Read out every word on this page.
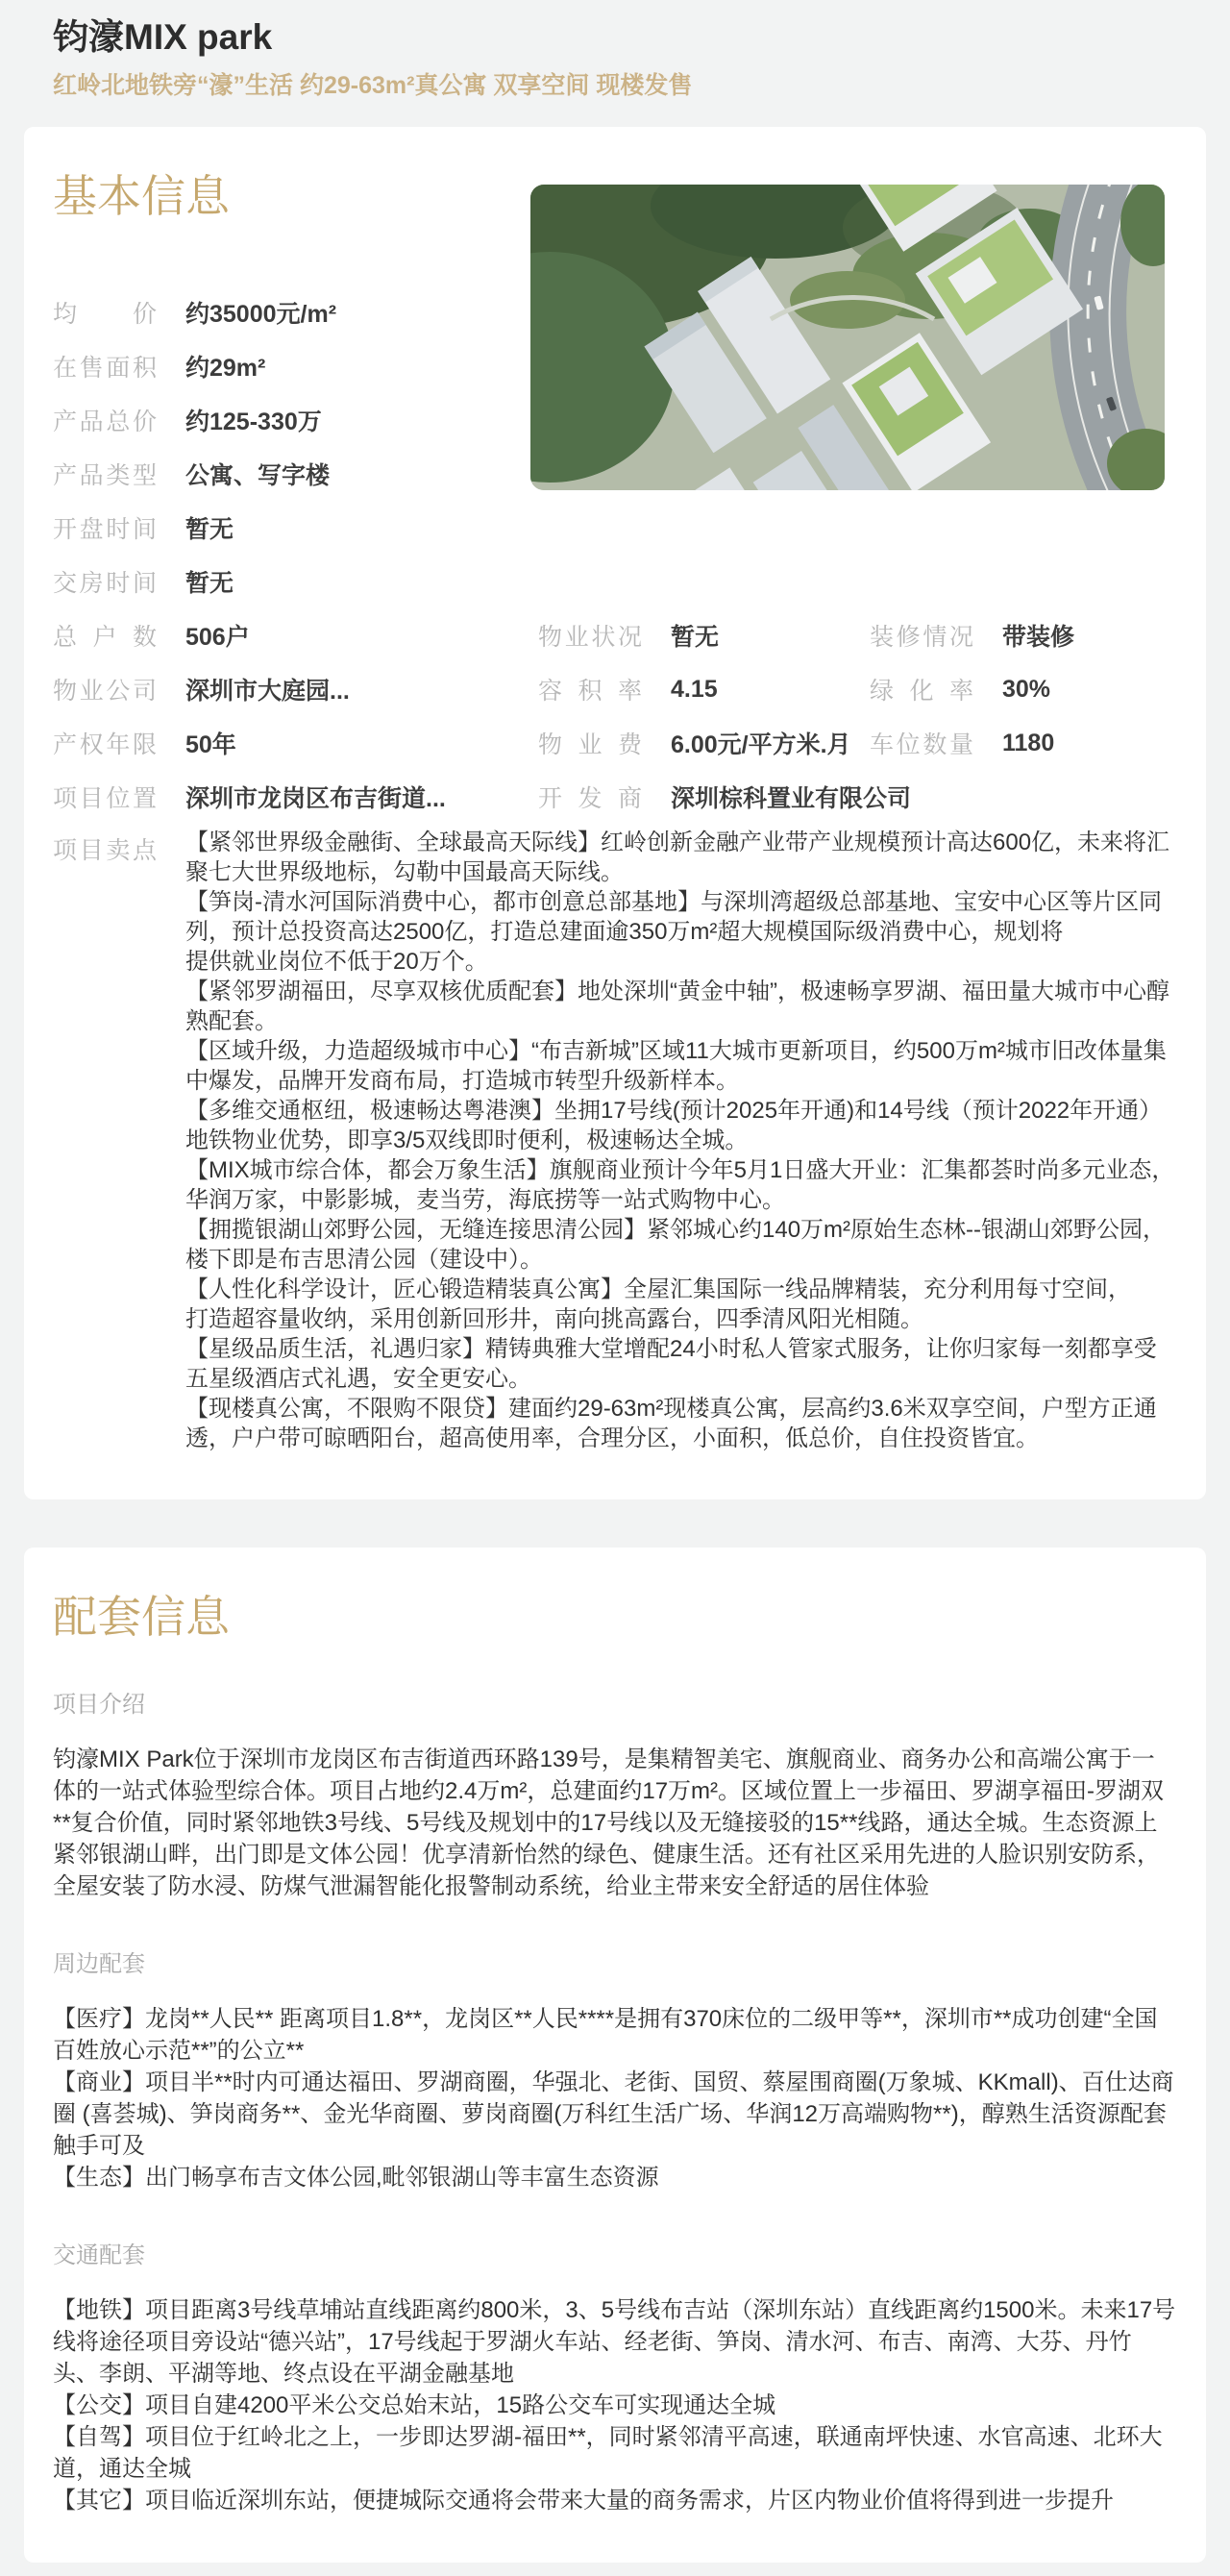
钧濠MIX park
红岭北地铁旁“濠”生活 约29-63m²真公寓 双享空间 现楼发售
基本信息
均价 约35000元/m²
在售面积 约29m²
产品总价 约125-330万
产品类型 公寓、写字楼
开盘时间 暂无
交房时间 暂无
总户数 506户
物业公司 深圳市大庭园...
产权年限 50年
项目位置 深圳市龙岗区布吉街道...
物业状况 暂无	装修情况 带装修
容积率 4.15	绿化率 30%
物业费 6.00元/平方米.月 车位数量 1180
开发商 深圳棕科置业有限公司
项目卖点 【紧邻世界级金融街、全球最高天际线】红岭创新金融产业带产业规模预计高达600亿，未来将汇聚七大世界级地标，勾勒中国最高天际线。
【笋岗-清水河国际消费中心，都市创意总部基地】与深圳湾超级总部基地、宝安中心区等片区同列，预计总投资高达2500亿，打造总建面逾350万m²超大规模国际级消费中心，规划将
提供就业岗位不低于20万个。
【紧邻罗湖福田，尽享双核优质配套】地处深圳“黄金中轴”，极速畅享罗湖、福田量大城市中心醇熟配套。
【区域升级，力造超级城市中心】“布吉新城”区域11大城市更新项目，约500万m²城市旧改体量集中爆发，品牌开发商布局，打造城市转型升级新样本。
【多维交通枢纽，极速畅达粤港澳】坐拥17号线(预计2025年开通)和14号线（预计2022年开通）
地铁物业优势，即享3/5双线即时便利，极速畅达全城。
【MIX城市综合体，都会万象生活】旗舰商业预计今年5月1日盛大开业：汇集都荟时尚多元业态，华润万家，中影影城，麦当劳，海底捞等一站式购物中心。
【拥揽银湖山郊野公园，无缝连接思清公园】紧邻城心约140万m²原始生态林--银湖山郊野公园，楼下即是布吉思清公园（建设中）。
【人性化科学设计，匠心锻造精装真公寓】全屋汇集国际一线品牌精装，充分利用每寸空间，
打造超容量收纳，采用创新回形井，南向挑高露台，四季清风阳光相随。
【星级品质生活，礼遇归家】精铸典雅大堂增配24小时私人管家式服务，让你归家每一刻都享受五星级酒店式礼遇，安全更安心。
【现楼真公寓，不限购不限贷】建面约29-63m²现楼真公寓，层高约3.6米双享空间，户型方正通透，户户带可晾晒阳台，超高使用率，合理分区，小面积，低总价，自住投资皆宜。
配套信息
项目介绍

钧濠MIX Park位于深圳市龙岗区布吉街道西环路139号，是集精智美宅、旗舰商业、商务办公和高端公寓于一体的一站式体验型综合体。项目占地约2.4万m²，总建面约17万m²。区域位置上一步福田、罗湖享福田-罗湖双**复合价值，同时紧邻地铁3号线、5号线及规划中的17号线以及无缝接驳的15**线路，通达全城。生态资源上紧邻银湖山畔，出门即是文体公园！优享清新怡然的绿色、健康生活。还有社区采用先进的人脸识别安防系，全屋安装了防水浸、防煤气泄漏智能化报警制动系统，给业主带来安全舒适的居住体验

周边配套

【医疗】龙岗**人民** 距离项目1.8**，龙岗区**人民****是拥有370床位的二级甲等**，深圳市**成功创建“全国百姓放心示范**”的公立**

【商业】项目半**时内可通达福田、罗湖商圈，华强北、老街、国贸、蔡屋围商圈(万象城、KKmall)、百仕达商圈 (喜荟城)、笋岗商务**、金光华商圈、萝岗商圈(万科红生活广场、华润12万高端购物**)，醇熟生活资源配套触手可及

【生态】出门畅享布吉文体公园,毗邻银湖山等丰富生态资源

交通配套

【地铁】项目距离3号线草埔站直线距离约800米，3、5号线布吉站（深圳东站）直线距离约1500米。未来17号线将途径项目旁设站“德兴站”，17号线起于罗湖火车站、经老街、笋岗、清水河、布吉、南湾、大芬、丹竹头、李朗、平湖等地、终点设在平湖金融基地

【公交】项目自建4200平米公交总始末站，15路公交车可实现通达全城

【自驾】项目位于红岭北之上，一步即达罗湖-福田**，同时紧邻清平高速，联通南坪快速、水官高速、北环大道，通达全城

【其它】项目临近深圳东站，便捷城际交通将会带来大量的商务需求，片区内物业价值将得到进一步提升
